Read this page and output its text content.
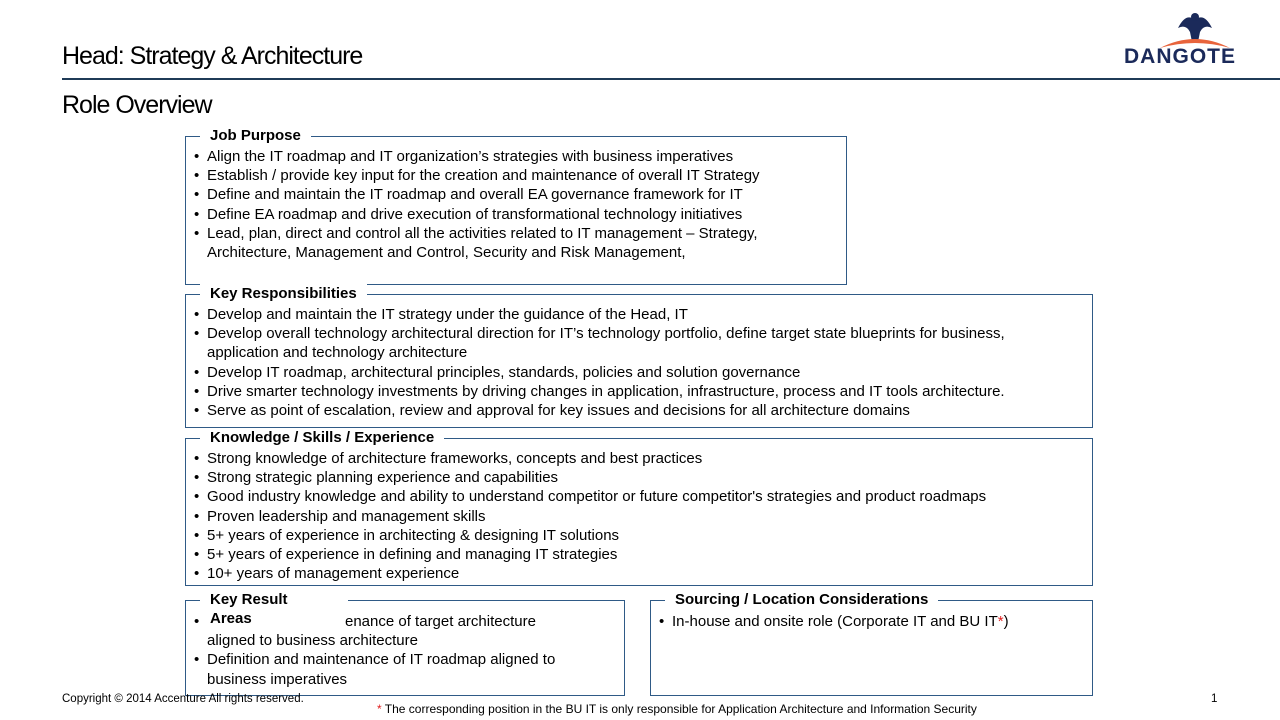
Head: Strategy & Architecture
Role Overview
DANGOTE
Job Purpose
• Align the IT roadmap and IT organization’s strategies with business imperatives
• Establish / provide key input for the creation and maintenance of overall IT Strategy
• Define and maintain the IT roadmap and overall EA governance framework for IT
• Define EA roadmap and drive execution of transformational technology initiatives
• Lead, plan, direct and control all the activities related to IT management – Strategy, Architecture, Management and Control, Security and Risk Management,
Key Responsibilities
• Develop and maintain the IT strategy under the guidance of the Head, IT
• Develop overall technology architectural direction for IT’s technology portfolio, define target state blueprints for business, application and technology architecture
• Develop IT roadmap, architectural principles, standards, policies and solution governance
• Drive smarter technology investments by driving changes in application, infrastructure, process and IT tools architecture.
• Serve as point of escalation, review and approval for key issues and decisions for all architecture domains
Knowledge / Skills / Experience
• Strong knowledge of architecture frameworks, concepts and best practices
• Strong strategic planning experience and capabilities
• Good industry knowledge and ability to understand competitor or future competitor's strategies and product roadmaps
• Proven leadership and management skills
• 5+ years of experience in architecting & designing IT solutions
• 5+ years of experience in defining and managing IT strategies
• 10+ years of management experience
Key Result
Areas	• enance of target architecture
aligned to business architecture
• Definition and maintenance of IT roadmap aligned to business imperatives
Sourcing / Location Considerations
• In-house and onsite role (Corporate IT and BU IT*)
Copyright © 2014 Accenture All rights reserved.	1
* The corresponding position in the BU IT is only responsible for Application Architecture and Information Security
